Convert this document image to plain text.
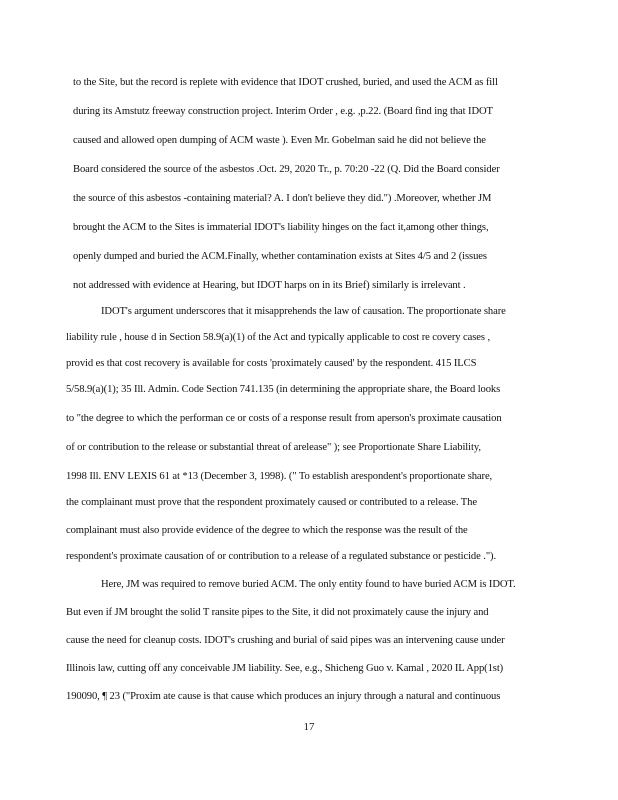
to the Site, but the record is replete with evidence that IDOT crushed, buried, and used the ACM as fill
during its Amstutz freeway construction project. Interim Order , e.g. ,p.22. (Board find ing that IDOT
caused and allowed open dumping of ACM waste ). Even Mr. Gobelman said he did not believe the
Board considered the source of the asbestos .Oct. 29, 2020 Tr., p. 70:20 -22 (Q. Did the Board consider
the source of this asbestos -containing material? A. I don't believe they did.") .Moreover, whether JM
brought the ACM to the Sites is immaterial IDOT's liability hinges on the fact it,among other things,
openly dumped and buried the ACM.Finally, whether contamination exists at Sites 4/5 and 2 (issues
not addressed with evidence at Hearing, but IDOT harps on in its Brief) similarly is irrelevant .
IDOT's argument underscores that it misapprehends the law of causation. The proportionate share
liability rule , house d in Section 58.9(a)(1) of the Act and typically applicable to cost re covery cases ,
provid es that cost recovery is available for costs 'proximately caused' by the respondent. 415 ILCS
5/58.9(a)(1); 35 Ill. Admin. Code Section 741.135 (in determining the appropriate share, the Board looks
to "the degree to which the performan ce or costs of a response result from aperson's proximate causation
of or contribution to the release or substantial threat of arelease" ); see Proportionate Share Liability,
1998 Ill. ENV LEXIS 61 at *13 (December 3, 1998). (" To establish arespondent's proportionate share,
the complainant must prove that the respondent proximately caused or contributed to a release. The
complainant must also provide evidence of the degree to which the response was the result of the
respondent's proximate causation of or contribution to a release of a regulated substance or pesticide .").
Here, JM was required to remove buried ACM. The only entity found to have buried ACM is IDOT.
But even if JM brought the solid T ransite pipes to the Site, it did not proximately cause the injury and
cause the need for cleanup costs. IDOT's crushing and burial of said pipes was an intervening cause under
Illinois law, cutting off any conceivable JM liability. See, e.g., Shicheng Guo v. Kamal , 2020 IL App(1st)
190090, ¶ 23 ("Proxim ate cause is that cause which produces an injury through a natural and continuous
17
